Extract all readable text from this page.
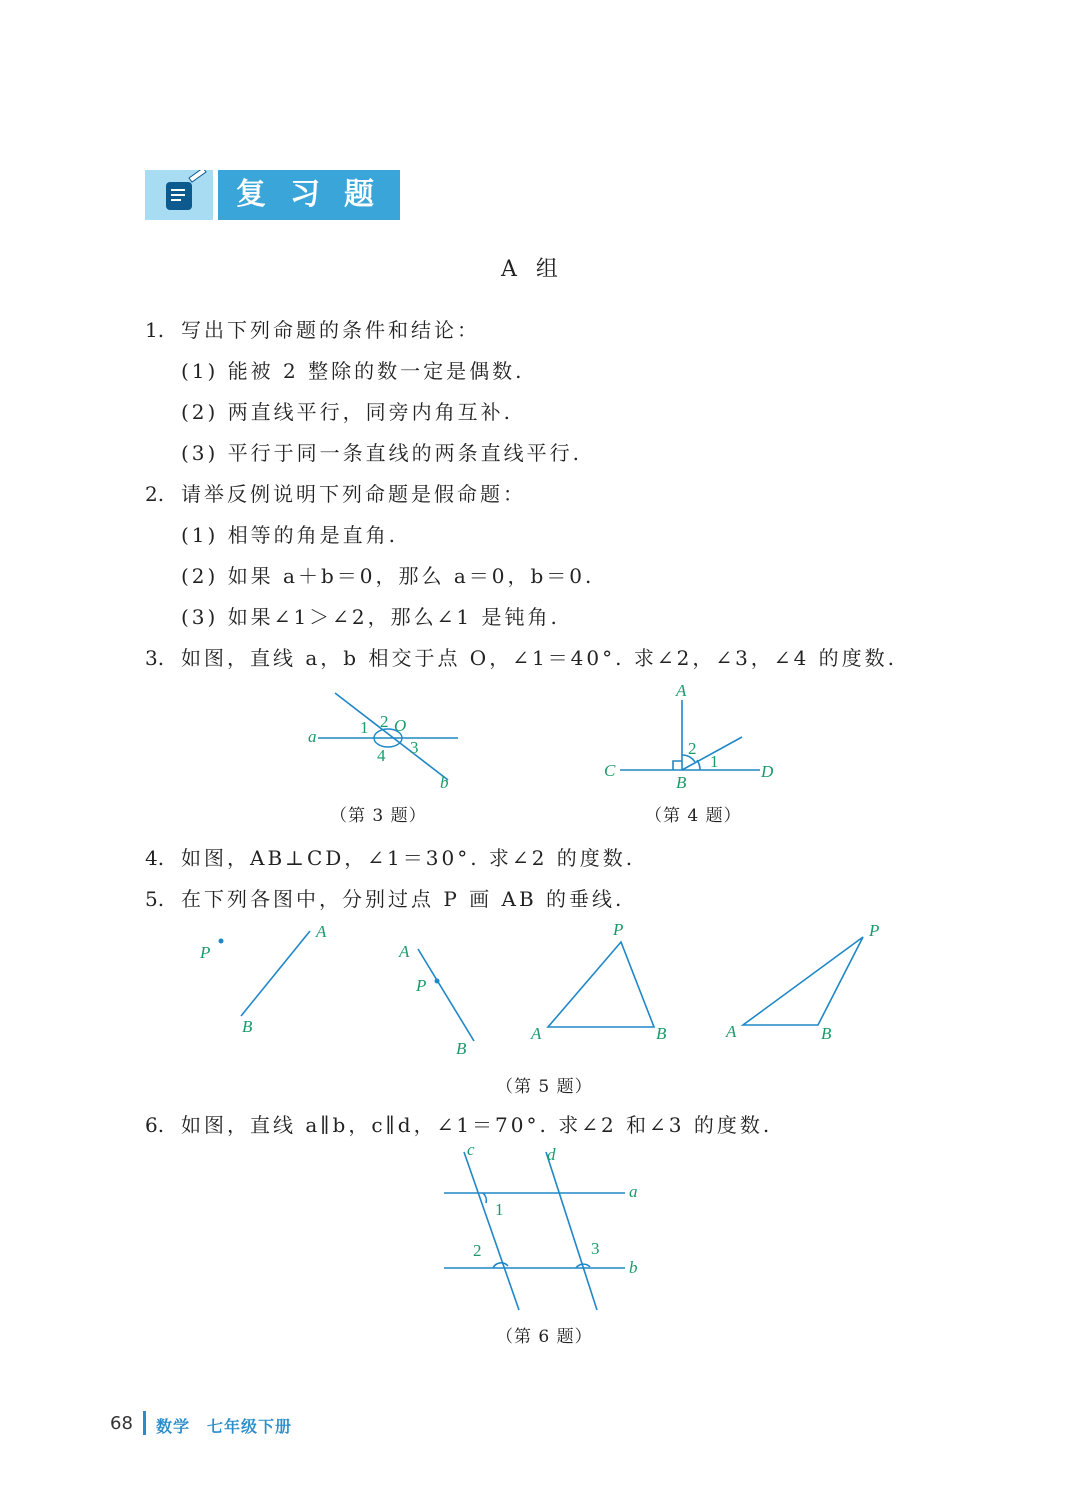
复习题
A 组
1. 写出下列命题的条件和结论：
(1) 能被 2 整除的数一定是偶数.
(2) 两直线平行，同旁内角互补.
(3) 平行于同一条直线的两条直线平行.
2. 请举反例说明下列命题是假命题：
(1) 相等的角是直角.
(2) 如果 a＋b＝0，那么 a＝0，b＝0.
(3) 如果∠1＞∠2，那么∠1 是钝角.
3. 如图，直线 a，b 相交于点 O，∠1＝40°. 求∠2，∠3，∠4 的度数.
a
b
O
1 2
3
4
（第 3 题）
A
B
C	D
1
2
（第 4 题）
4. 如图，AB⊥CD，∠1＝30°. 求∠2 的度数.
5. 在下列各图中，分别过点 P 画 AB 的垂线.
P
A
B
A
P
B
A	B
P
A	B
P
（第 5 题）
6. 如图，直线 a∥b，c∥d，∠1＝70°. 求∠2 和∠3 的度数.
c	d
a
b
1
2	3
（第 6 题）
68 数学　七年级下册
